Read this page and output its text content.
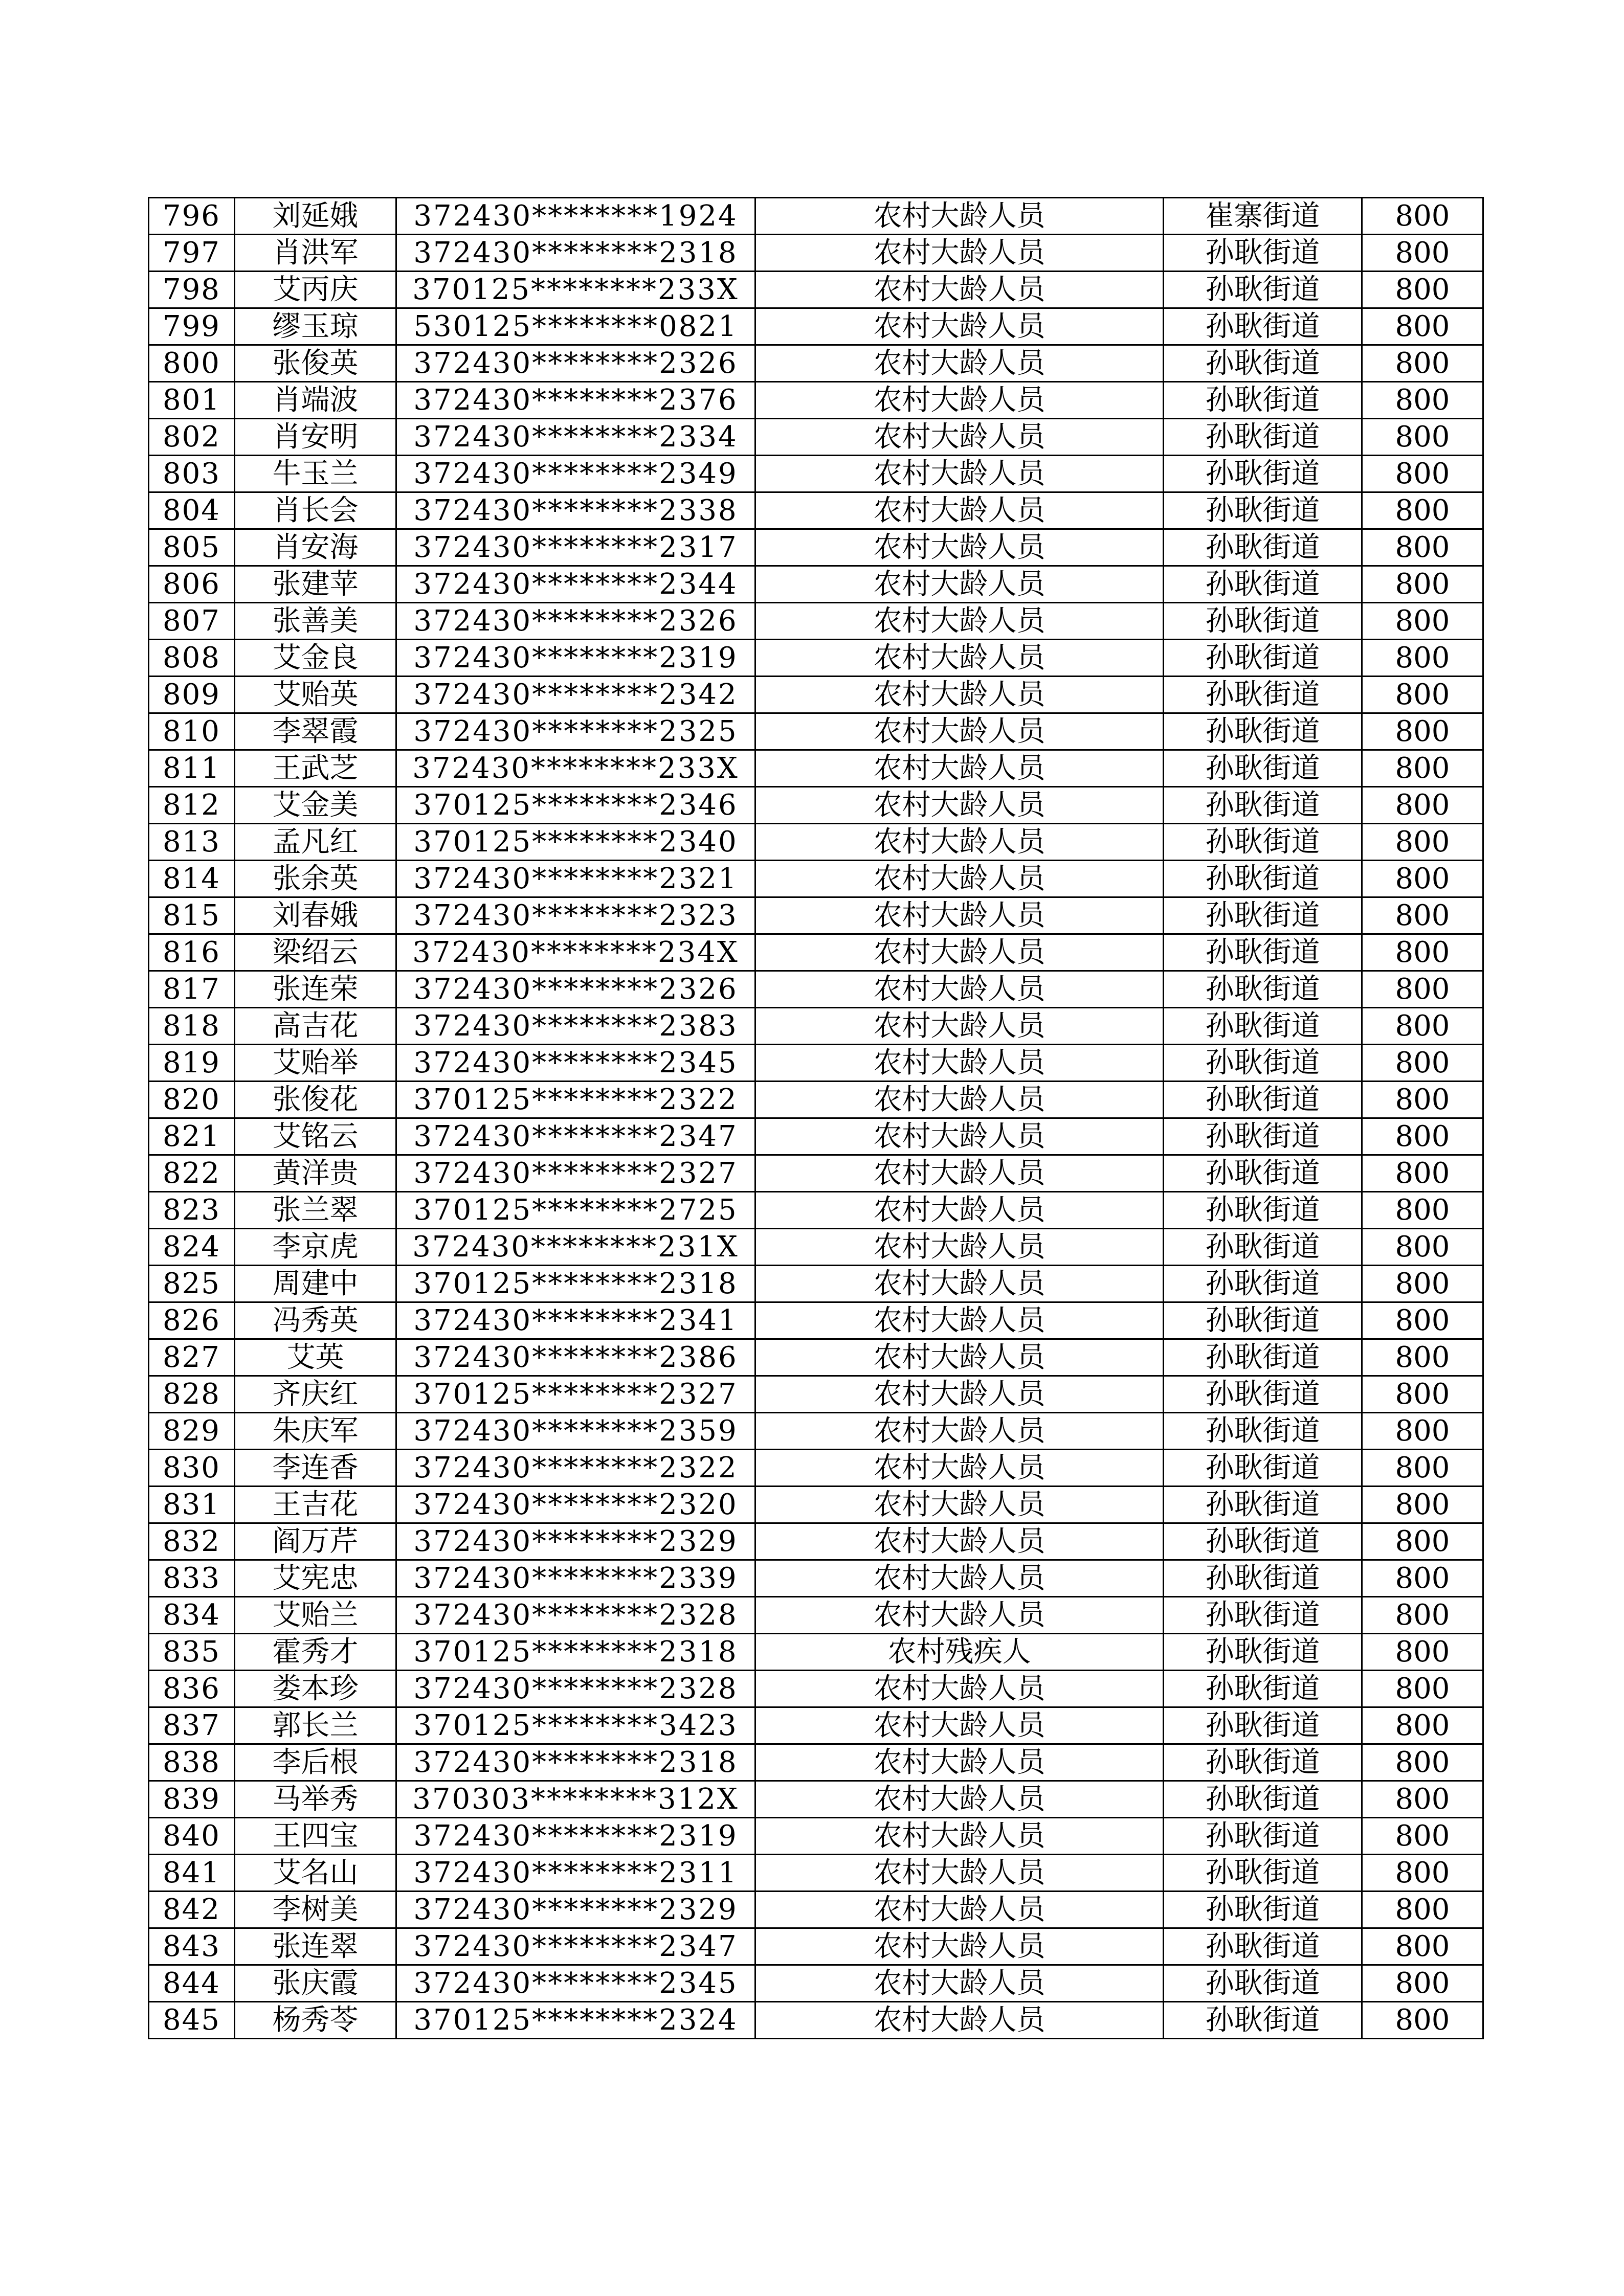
796	刘延娥	372430********1924	农村大龄人员	崔寨街道	800
797	肖洪军	372430********2318	农村大龄人员	孙耿街道	800
798	艾丙庆	370125********233X	农村大龄人员	孙耿街道	800
799	缪玉琼	530125********0821	农村大龄人员	孙耿街道	800
800	张俊英	372430********2326	农村大龄人员	孙耿街道	800
801	肖端波	372430********2376	农村大龄人员	孙耿街道	800
802	肖安明	372430********2334	农村大龄人员	孙耿街道	800
803	牛玉兰	372430********2349	农村大龄人员	孙耿街道	800
804	肖长会	372430********2338	农村大龄人员	孙耿街道	800
805	肖安海	372430********2317	农村大龄人员	孙耿街道	800
806	张建苹	372430********2344	农村大龄人员	孙耿街道	800
807	张善美	372430********2326	农村大龄人员	孙耿街道	800
808	艾金良	372430********2319	农村大龄人员	孙耿街道	800
809	艾贻英	372430********2342	农村大龄人员	孙耿街道	800
810	李翠霞	372430********2325	农村大龄人员	孙耿街道	800
811	王武芝	372430********233X	农村大龄人员	孙耿街道	800
812	艾金美	370125********2346	农村大龄人员	孙耿街道	800
813	孟凡红	370125********2340	农村大龄人员	孙耿街道	800
814	张余英	372430********2321	农村大龄人员	孙耿街道	800
815	刘春娥	372430********2323	农村大龄人员	孙耿街道	800
816	梁绍云	372430********234X	农村大龄人员	孙耿街道	800
817	张连荣	372430********2326	农村大龄人员	孙耿街道	800
818	高吉花	372430********2383	农村大龄人员	孙耿街道	800
819	艾贻举	372430********2345	农村大龄人员	孙耿街道	800
820	张俊花	370125********2322	农村大龄人员	孙耿街道	800
821	艾铭云	372430********2347	农村大龄人员	孙耿街道	800
822	黄洋贵	372430********2327	农村大龄人员	孙耿街道	800
823	张兰翠	370125********2725	农村大龄人员	孙耿街道	800
824	李京虎	372430********231X	农村大龄人员	孙耿街道	800
825	周建中	370125********2318	农村大龄人员	孙耿街道	800
826	冯秀英	372430********2341	农村大龄人员	孙耿街道	800
827	艾英	372430********2386	农村大龄人员	孙耿街道	800
828	齐庆红	370125********2327	农村大龄人员	孙耿街道	800
829	朱庆军	372430********2359	农村大龄人员	孙耿街道	800
830	李连香	372430********2322	农村大龄人员	孙耿街道	800
831	王吉花	372430********2320	农村大龄人员	孙耿街道	800
832	阎万芹	372430********2329	农村大龄人员	孙耿街道	800
833	艾宪忠	372430********2339	农村大龄人员	孙耿街道	800
834	艾贻兰	372430********2328	农村大龄人员	孙耿街道	800
835	霍秀才	370125********2318	农村残疾人	孙耿街道	800
836	娄本珍	372430********2328	农村大龄人员	孙耿街道	800
837	郭长兰	370125********3423	农村大龄人员	孙耿街道	800
838	李后根	372430********2318	农村大龄人员	孙耿街道	800
839	马举秀	370303********312X	农村大龄人员	孙耿街道	800
840	王四宝	372430********2319	农村大龄人员	孙耿街道	800
841	艾名山	372430********2311	农村大龄人员	孙耿街道	800
842	李树美	372430********2329	农村大龄人员	孙耿街道	800
843	张连翠	372430********2347	农村大龄人员	孙耿街道	800
844	张庆霞	372430********2345	农村大龄人员	孙耿街道	800
845	杨秀苓	370125********2324	农村大龄人员	孙耿街道	800
